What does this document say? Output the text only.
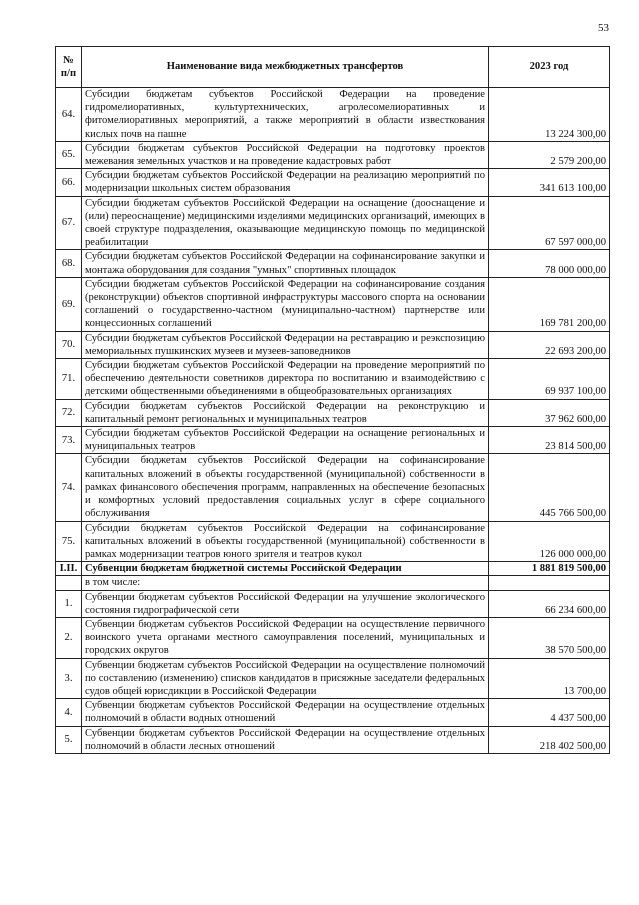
53
№ п/п	Наименование вида межбюджетных трансфертов	2023 год
64.	Субсидии бюджетам субъектов Российской Федерации на проведение гидромелиоративных, культуртехнических, агролесомелиоративных и фитомелиоративных мероприятий, а также мероприятий в области известкования кислых почв на пашне	13 224 300,00
65.	Субсидии бюджетам субъектов Российской Федерации на подготовку проектов межевания земельных участков и на проведение кадастровых работ	2 579 200,00
66.	Субсидии бюджетам субъектов Российской Федерации на реализацию мероприятий по модернизации школьных систем образования	341 613 100,00
67.	Субсидии бюджетам субъектов Российской Федерации на оснащение (дооснащение и (или) переоснащение) медицинскими изделиями медицинских организаций, имеющих в своей структуре подразделения, оказывающие медицинскую помощь по медицинской реабилитации	67 597 000,00
68.	Субсидии бюджетам субъектов Российской Федерации на софинансирование закупки и монтажа оборудования для создания "умных" спортивных площадок	78 000 000,00
69.	Субсидии бюджетам субъектов Российской Федерации на софинансирование создания (реконструкции) объектов спортивной инфраструктуры массового спорта на основании соглашений о государственно-частном (муниципально-частном) партнерстве или концессионных соглашений	169 781 200,00
70.	Субсидии бюджетам субъектов Российской Федерации на реставрацию и реэкспозицию мемориальных пушкинских музеев и музеев-заповедников	22 693 200,00
71.	Субсидии бюджетам субъектов Российской Федерации на проведение мероприятий по обеспечению деятельности советников директора по воспитанию и взаимодействию с детскими общественными объединениями в общеобразовательных организациях	69 937 100,00
72.	Субсидии бюджетам субъектов Российской Федерации на реконструкцию и капитальный ремонт региональных и муниципальных театров	37 962 600,00
73.	Субсидии бюджетам субъектов Российской Федерации на оснащение региональных и муниципальных театров	23 814 500,00
74.	Субсидии бюджетам субъектов Российской Федерации на софинансирование капитальных вложений в объекты государственной (муниципальной) собственности в рамках финансового обеспечения программ, направленных на обеспечение безопасных и комфортных условий предоставления социальных услуг в сфере социального обслуживания	445 766 500,00
75.	Субсидии бюджетам субъектов Российской Федерации на софинансирование капитальных вложений в объекты государственной (муниципальной) собственности в рамках модернизации театров юного зрителя и театров кукол	126 000 000,00
I.II.	Субвенции бюджетам бюджетной системы Российской Федерации	1 881 819 500,00
	в том числе:	
1.	Субвенции бюджетам субъектов Российской Федерации на улучшение экологического состояния гидрографической сети	66 234 600,00
2.	Субвенции бюджетам субъектов Российской Федерации на осуществление первичного воинского учета органами местного самоуправления поселений, муниципальных и городских округов	38 570 500,00
3.	Субвенции бюджетам субъектов Российской Федерации на осуществление полномочий по составлению (изменению) списков кандидатов в присяжные заседатели федеральных судов общей юрисдикции в Российской Федерации	13 700,00
4.	Субвенции бюджетам субъектов Российской Федерации на осуществление отдельных полномочий в области водных отношений	4 437 500,00
5.	Субвенции бюджетам субъектов Российской Федерации на осуществление отдельных полномочий в области лесных отношений	218 402 500,00
